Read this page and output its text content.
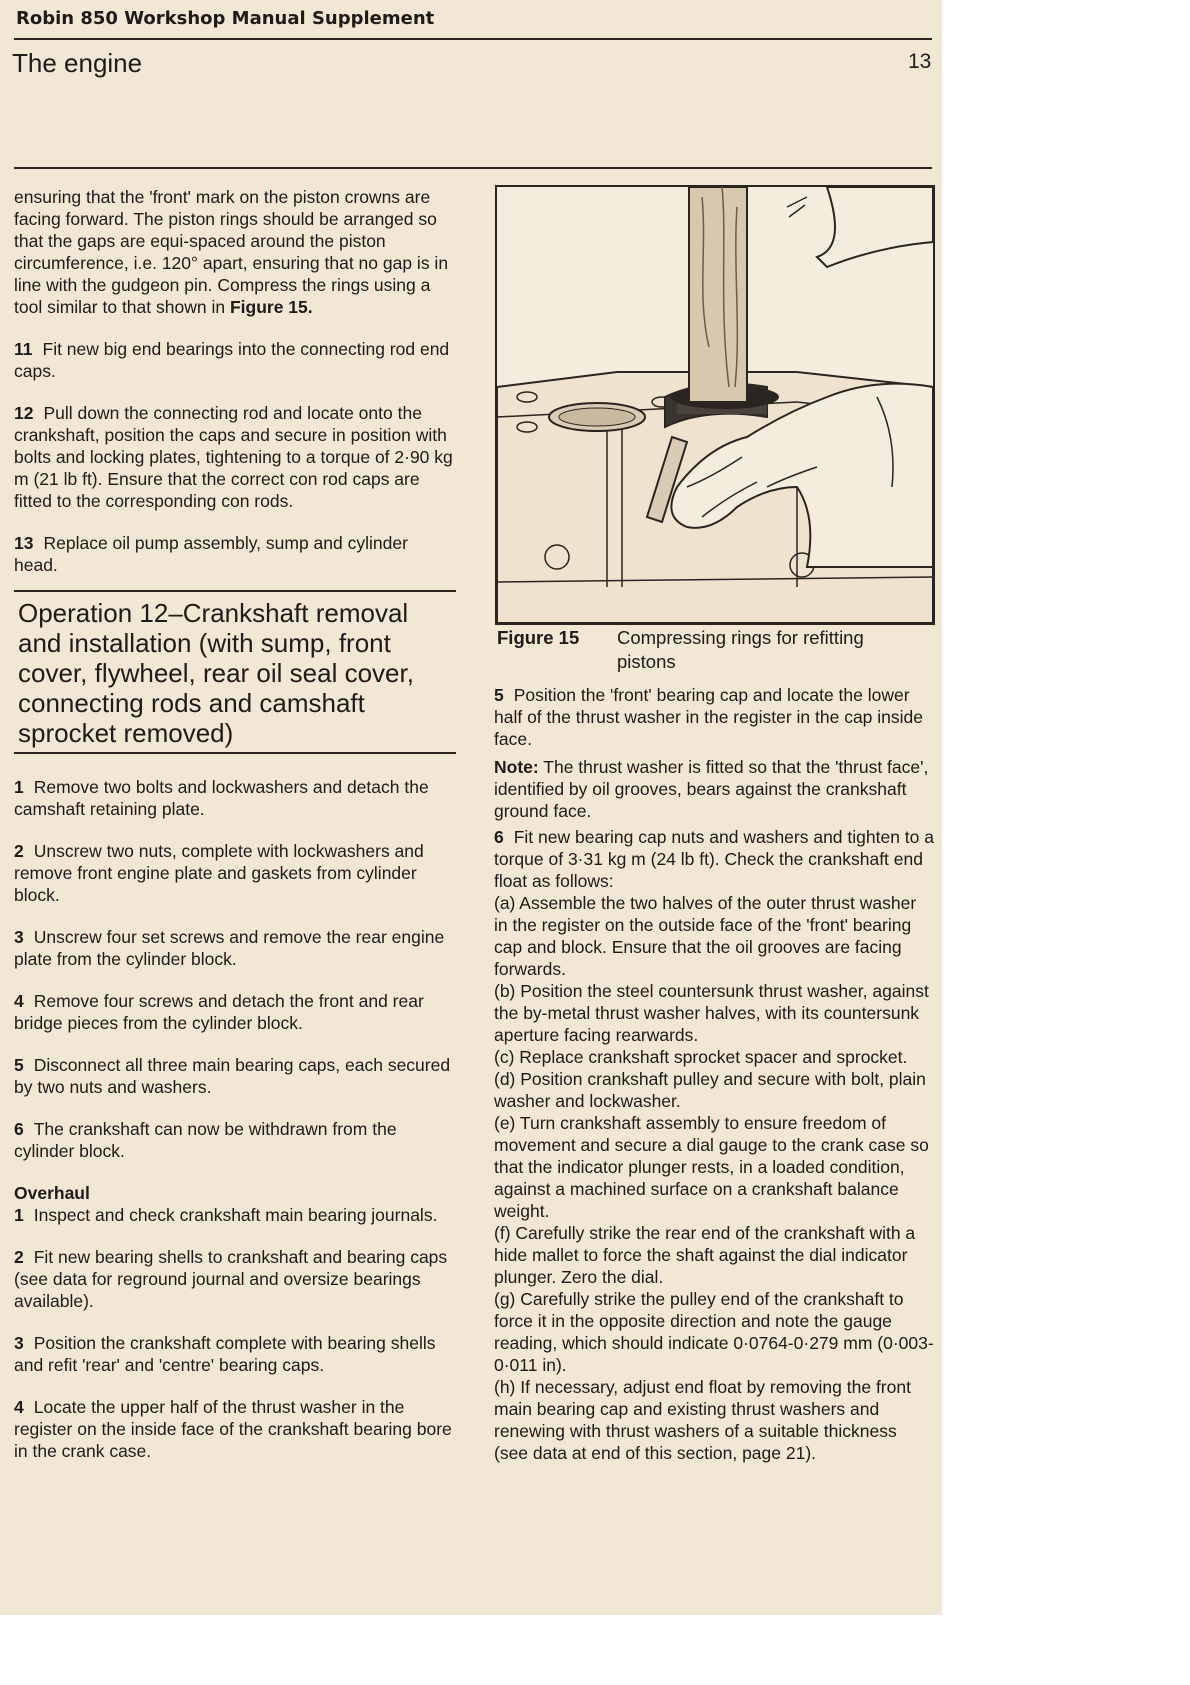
Robin 850 Workshop Manual Supplement
The engine	13

ensuring that the 'front' mark on the piston crowns are facing forward. The piston rings should be arranged so that the gaps are equi-spaced around the piston circumference, i.e. 120° apart, ensuring that no gap is in line with the gudgeon pin. Compress the rings using a tool similar to that shown in Figure 15.

11 Fit new big end bearings into the connecting rod end caps.

12 Pull down the connecting rod and locate onto the crankshaft, position the caps and secure in position with bolts and locking plates, tightening to a torque of 2·90 kg m (21 lb ft). Ensure that the correct con rod caps are fitted to the corresponding con rods.

13 Replace oil pump assembly, sump and cylinder head.

Operation 12–Crankshaft removal and installation (with sump, front cover, flywheel, rear oil seal cover, connecting rods and camshaft sprocket removed)

1 Remove two bolts and lockwashers and detach the camshaft retaining plate.

2 Unscrew two nuts, complete with lockwashers and remove front engine plate and gaskets from cylinder block.

3 Unscrew four set screws and remove the rear engine plate from the cylinder block.

4 Remove four screws and detach the front and rear bridge pieces from the cylinder block.

5 Disconnect all three main bearing caps, each secured by two nuts and washers.

6 The crankshaft can now be withdrawn from the cylinder block.

Overhaul

1 Inspect and check crankshaft main bearing journals.

2 Fit new bearing shells to crankshaft and bearing caps (see data for reground journal and oversize bearings available).

3 Position the crankshaft complete with bearing shells and refit 'rear' and 'centre' bearing caps.

4 Locate the upper half of the thrust washer in the register on the inside face of the crankshaft bearing bore in the crank case.

Figure 15 Compressing rings for refitting pistons

5 Position the 'front' bearing cap and locate the lower half of the thrust washer in the register in the cap inside face.

Note: The thrust washer is fitted so that the 'thrust face', identified by oil grooves, bears against the crankshaft ground face.

6 Fit new bearing cap nuts and washers and tighten to a torque of 3·31 kg m (24 lb ft). Check the crankshaft end float as follows:

(a) Assemble the two halves of the outer thrust washer in the register on the outside face of the 'front' bearing cap and block. Ensure that the oil grooves are facing forwards.

(b) Position the steel countersunk thrust washer, against the by-metal thrust washer halves, with its countersunk aperture facing rearwards.

(c) Replace crankshaft sprocket spacer and sprocket.

(d) Position crankshaft pulley and secure with bolt, plain washer and lockwasher.

(e) Turn crankshaft assembly to ensure freedom of movement and secure a dial gauge to the crank case so that the indicator plunger rests, in a loaded condition, against a machined surface on a crankshaft balance weight.

(f) Carefully strike the rear end of the crankshaft with a hide mallet to force the shaft against the dial indicator plunger. Zero the dial.

(g) Carefully strike the pulley end of the crankshaft to force it in the opposite direction and note the gauge reading, which should indicate 0·0764-0·279 mm (0·003-0·011 in).

(h) If necessary, adjust end float by removing the front main bearing cap and existing thrust washers and renewing with thrust washers of a suitable thickness (see data at end of this section, page 21).
